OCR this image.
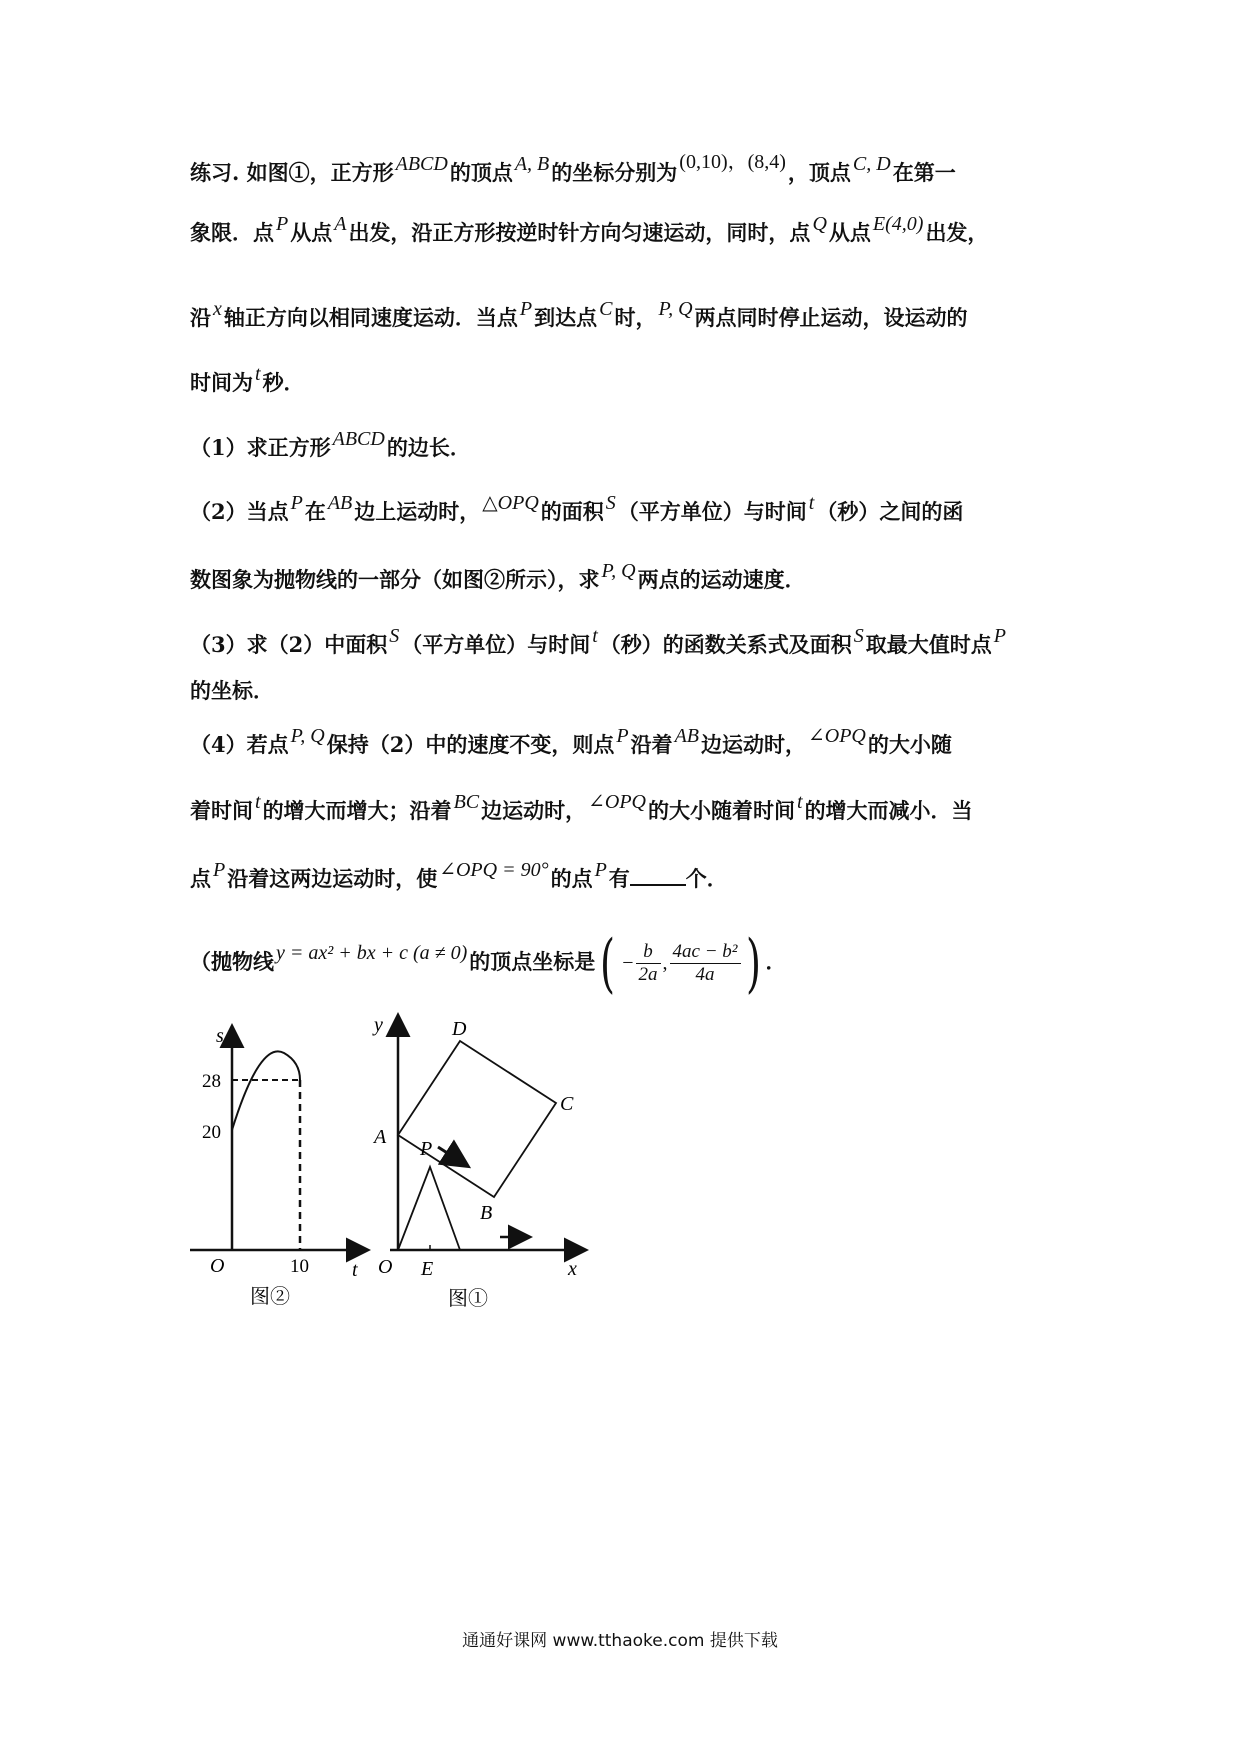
练习. 如图①，正方形 ABCD的顶点 A, B的坐标分别为 (0,10)，(8,4)，顶点 C, D在第一
象限．点 P从点 A出发，沿正方形按逆时针方向匀速运动，同时，点 Q从点 E(4,0)出发，
沿 x轴正方向以相同速度运动．当点 P到达点 C时， P, Q两点同时停止运动，设运动的
时间为 t秒．
（1）求正方形 ABCD的边长．
（2）当点 P在 AB边上运动时， △OPQ的面积 S（平方单位）与时间 t（秒）之间的函
数图象为抛物线的一部分（如图②所示），求 P, Q两点的运动速度．
（3）求（2）中面积 S（平方单位）与时间 t（秒）的函数关系式及面积 S取最大值时点 P
的坐标．
（4）若点 P, Q保持（2）中的速度不变，则点 P沿着 AB边运动时， ∠OPQ的大小随
着时间 t的增大而增大；沿着 BC边运动时， ∠OPQ的大小随着时间 t的增大而减小．当
点 P沿着这两边运动时，使 ∠OPQ = 90°的点 P有	个．
（抛物线 y = ax² + bx + c (a ≠ 0)的顶点坐标是( − $\frac{b}{2a}$ , $\frac{\text{4ac − b²}}{4a}$ ) ．
s
28
20
O	10 t
图②
y	D
C
A
P
B
O E	x
图①
通通好课网 www.tthaoke.com 提供下载
